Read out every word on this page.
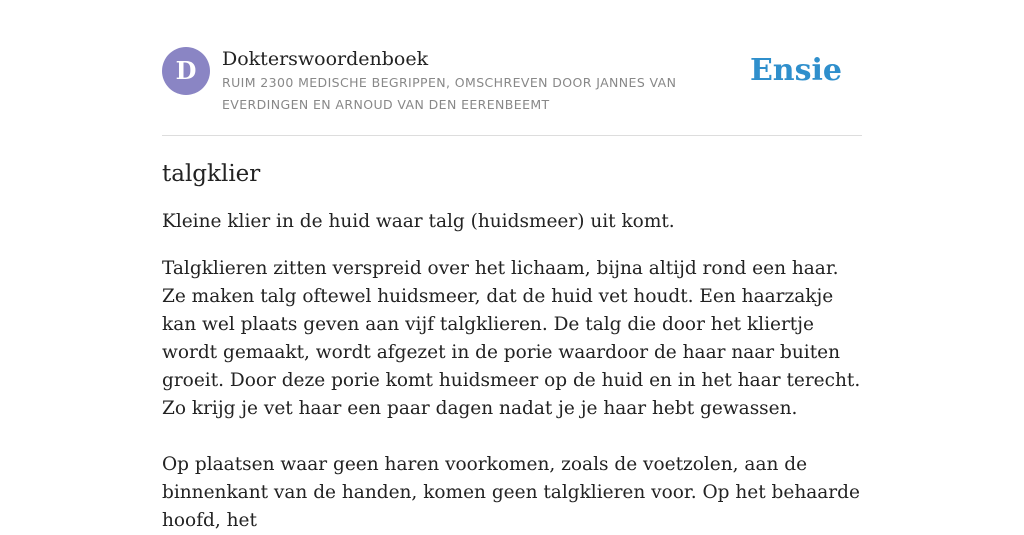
D	Dokterswoordenboek
RUIM 2300 MEDISCHE BEGRIPPEN, OMSCHREVEN DOOR JANNES VAN EVERDINGEN EN ARNOUD VAN DEN EERENBEEMT
Ensie
talgklier

Kleine klier in de huid waar talg (huidsmeer) uit komt.

Talgklieren zitten verspreid over het lichaam, bijna altijd rond een haar. Ze maken talg oftewel huidsmeer, dat de huid vet houdt. Een haarzakje kan wel plaats geven aan vijf talgklieren. De talg die door het kliertje wordt gemaakt, wordt afgezet in de porie waardoor de haar naar buiten groeit. Door deze porie komt huidsmeer op de huid en in het haar terecht. Zo krijg je vet haar een paar dagen nadat je je haar hebt gewassen.

Op plaatsen waar geen haren voorkomen, zoals de voetzolen, aan de binnenkant van de handen, komen geen talgklieren voor. Op het behaarde hoofd, het
